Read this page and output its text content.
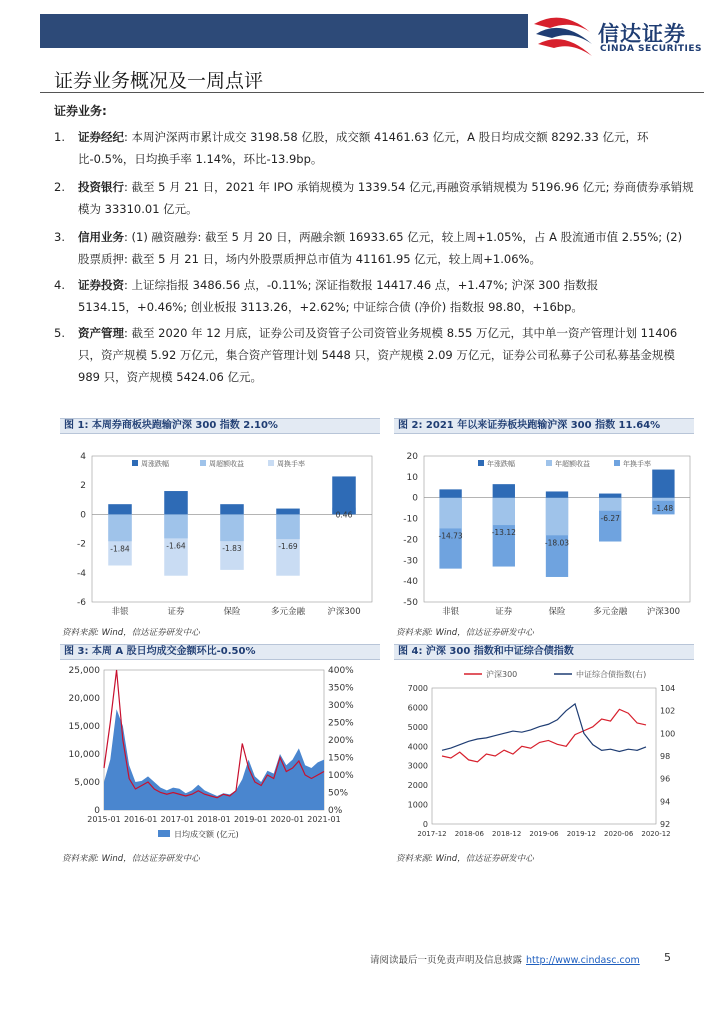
信达证券
CINDA SECURITIES
证券业务概况及一周点评
证券业务:
1. 证券经纪: 本周沪深两市累计成交 3198.58 亿股，成交额 41461.63 亿元，A 股日均成交额 8292.33 亿元，环比-0.5%，日均换手率 1.14%，环比-13.9bp。
2. 投资银行: 截至 5 月 21 日，2021 年 IPO 承销规模为 1339.54 亿元,再融资承销规模为 5196.96 亿元; 券商债券承销规模为 33310.01 亿元。
3. 信用业务: (1) 融资融券: 截至 5 月 20 日，两融余额 16933.65 亿元，较上周+1.05%，占 A 股流通市值 2.55%; (2) 股票质押: 截至 5 月 21 日，场内外股票质押总市值为 41161.95 亿元，较上周+1.06%。
4. 证券投资: 上证综指报 3486.56 点，-0.11%; 深证指数报 14417.46 点，+1.47%; 沪深 300 指数报 5134.15，+0.46%; 创业板报 3113.26，+2.62%; 中证综合债 (净价) 指数报 98.80，+16bp。
5. 资产管理: 截至 2020 年 12 月底，证券公司及资管子公司资管业务规模 8.55 万亿元，其中单一资产管理计划 11406 只，资产规模 5.92 万亿元，集合资产管理计划 5448 只，资产规模 2.09 万亿元，证券公司私募子公司私募基金规模 989 只，资产规模 5424.06 亿元。
图 1: 本周券商板块跑输沪深 300 指数 2.10%	图 2: 2021 年以来证券板块跑输沪深 300 指数 11.64%
图 3: 本周 A 股日均成交金额环比-0.50%	图 4: 沪深 300 指数和中证综合债指数
4
2
0
-2
-4
-6
-1.84
非银
-1.64
证券
-1.83
保险
-1.69
多元金融
0.46
沪深300
周涨跌幅	周超额收益	周换手率
20
10
0
-10
-20
-30
-40
-50
-14.73
非银
-13.12
证券
-18.03
保险
-6.27
多元金融
-1.48
沪深300
年涨跌幅	年超额收益	年换手率
25,000
20,000
15,000
10,000
5,000
0
400%
350%
300%
250%
200%
150%
100%
50%
0%
2015-01 2016-01 2017-01 2018-01 2019-01 2020-01 2021-01
日均成交额 (亿元)
7000
6000
5000
4000
3000
2000
1000
0
104
102
100
98
96
94
92
2017-12 2018-06 2018-12 2019-06 2019-12 2020-06 2020-12
沪深300	中证综合债指数(右)
资料来源: Wind，信达证券研发中心	资料来源: Wind，信达证券研发中心
资料来源: Wind，信达证券研发中心	资料来源: Wind，信达证券研发中心
请阅读最后一页免责声明及信息披露 http://www.cindasc.com 5
